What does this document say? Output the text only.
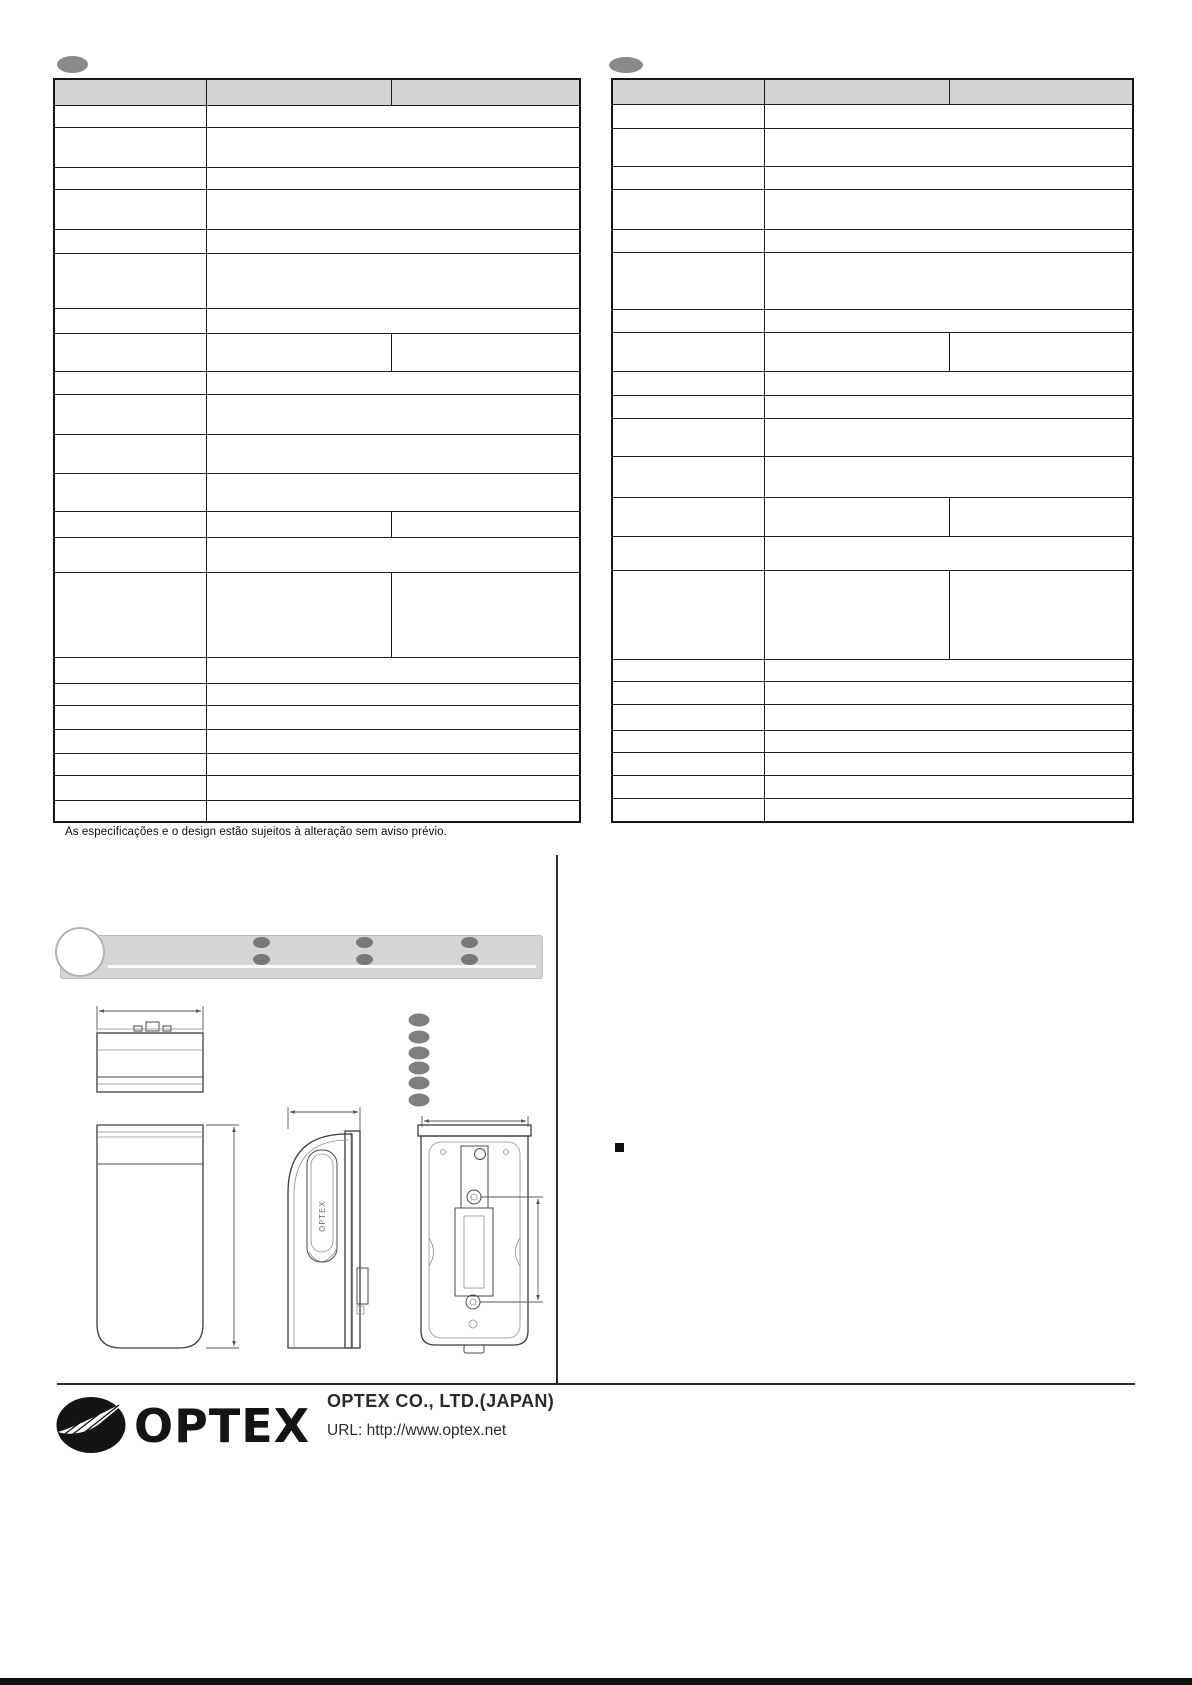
As especificações e o design estão sujeitos à alteração sem aviso prévio.
OPTEX
OPTEX OPTEX CO., LTD.(JAPAN)
URL: http://www.optex.net
